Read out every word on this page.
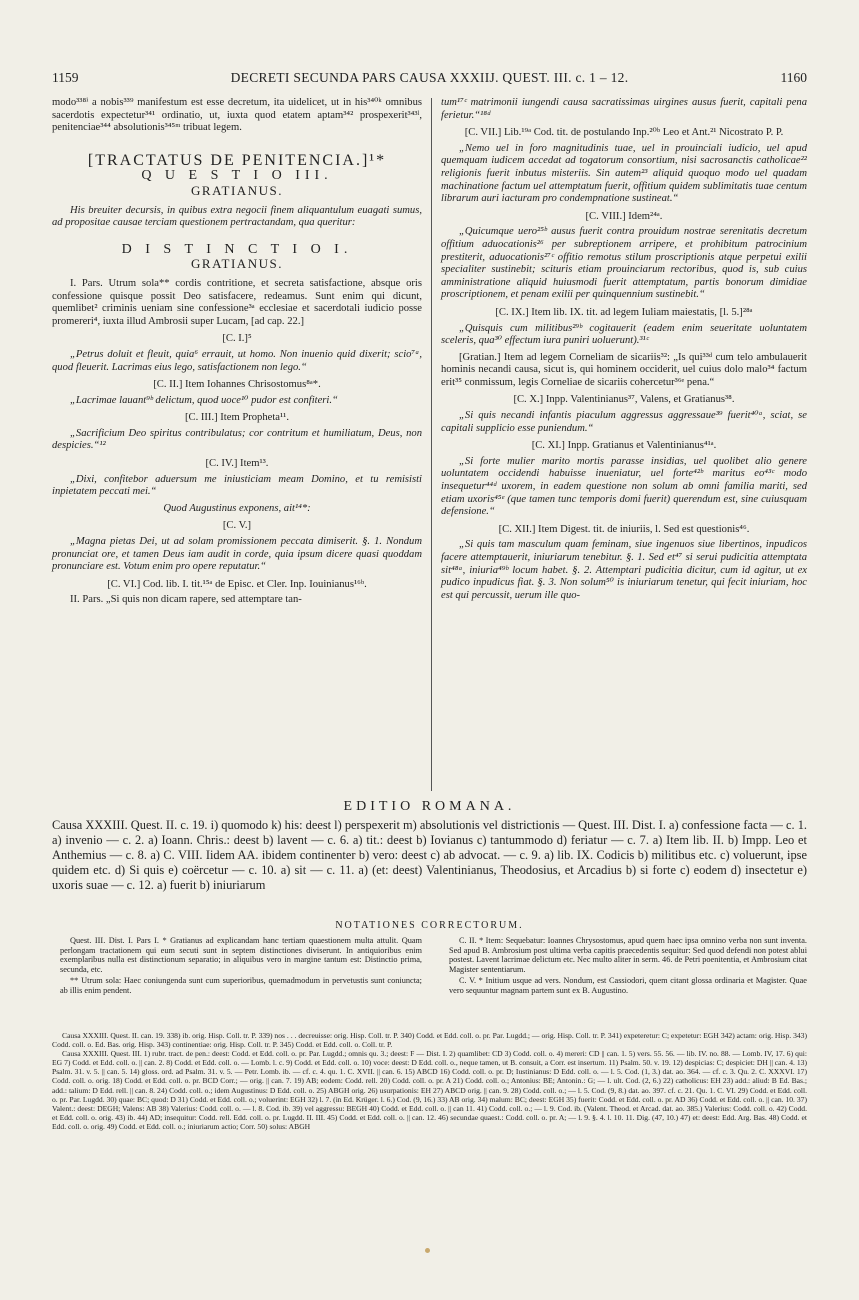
1159	DECRETI SECUNDA PARS CAUSA XXXIIJ. QUEST. III. c. 1 – 12.	1160

modo³³⁸ⁱ a nobis³³⁹ manifestum est esse decretum, ita uidelicet, ut in his³⁴⁰ᵏ omnibus sacerdotis expectetur³⁴¹ ordinatio, ut, iuxta quod etatem aptam³⁴² prospexerit³⁴³ˡ, penitenciae³⁴⁴ absolutionis³⁴⁵ᵐ tribuat legem.

[TRACTATUS DE PENITENCIA.]¹*
Q U E S T I O III.
GRATIANUS.

His breuiter decursis, in quibus extra negocii finem aliquantulum euagati sumus, ad propositae causae terciam questionem pertractandam, qua queritur:

D I S T I N C T I O I.
GRATIANUS.

I. Pars. Utrum sola** cordis contritione, et secreta satisfactione, absque oris confessione quisque possit Deo satisfacere, redeamus. Sunt enim qui dicunt, quemlibet² criminis ueniam sine confessione³ᵃ ecclesiae et sacerdotali iudicio posse promereri⁴, iuxta illud Ambrosii super Lucam, [ad cap. 22.]

[C. I.]⁵

„Petrus doluit et fleuit, quia⁶ errauit, ut homo. Non inuenio quid dixerit; scio⁷ᵃ, quod fleuerit. Lacrimas eius lego, satisfactionem non lego.“

[C. II.] Item Iohannes Chrisostomus⁸ᵃ*.

„Lacrimae lauant⁹ᵇ delictum, quod uoce¹⁰ pudor est confiteri.“

[C. III.] Item Propheta¹¹.

„Sacrificium Deo spiritus contribulatus; cor contritum et humiliatum, Deus, non despicies.“¹²

[C. IV.] Item¹³.

„Dixi, confitebor aduersum me iniusticiam meam Domino, et tu remisisti inpietatem peccati mei.“

Quod Augustinus exponens, ait¹⁴*:

[C. V.]

„Magna pietas Dei, ut ad solam promissionem peccata dimiserit. §. 1. Nondum pronunciat ore, et tamen Deus iam audit in corde, quia ipsum dicere quasi quoddam pronunciare est. Votum enim pro opere reputatur.“

[C. VI.] Cod. lib. I. tit.¹⁵ᵃ de Episc. et Cler. Inp. Iouinianus¹⁶ᵇ.

II. Pars. „Si quis non dicam rapere, sed attemptare tan-

tum¹⁷ᶜ matrimonii iungendi causa sacratissimas uirgines ausus fuerit, capitali pena ferietur.“¹⁸ᵈ

[C. VII.] Lib.¹⁹ᵃ Cod. tit. de postulando Inp.²⁰ᵇ Leo et Ant.²¹ Nicostrato P. P.

„Nemo uel in foro magnitudinis tuae, uel in prouinciali iudicio, uel apud quemquam iudicem accedat ad togatorum consortium, nisi sacrosanctis catholicae²² religionis fuerit inbutus misteriis. Sin autem²³ aliquid quoquo modo uel quadam machinatione factum uel attemptatum fuerit, offitium quidem sublimitatis tuae centum librarum auri iacturam pro condempnatione sustineat.“

[C. VIII.] Idem²⁴ᵃ.

„Quicumque uero²⁵ᵇ ausus fuerit contra prouidum nostrae serenitatis decretum offitium aduocationis²⁶ per subreptionem arripere, et prohibitum patrocinium prestiterit, aduocationis²⁷ᶜ offitio remotus stilum proscriptionis atque perpetui exilii specialiter sustinebit; scituris etiam prouinciarum rectoribus, quod is, sub cuius amministratione aliquid huiusmodi fuerit attemptatum, partis bonorum dimidiae proscriptionem, et penam exilii per quinquennium sustinebit.“

[C. IX.] Item lib. IX. tit. ad legem Iuliam maiestatis, [l. 5.]²⁸ᵃ

„Quisquis cum militibus²⁹ᵇ cogitauerit (eadem enim seueritate uoluntatem sceleris, qua³⁰ effectum iura puniri uoluerunt).³¹ᶜ

[Gratian.] Item ad legem Corneliam de sicariis³²: „Is qui³³ᵈ cum telo ambulauerit hominis necandi causa, sicut is, qui hominem occiderit, uel cuius dolo malo³⁴ factum erit³⁵ conmissum, legis Corneliae de sicariis cohercetur³⁶ᵉ pena.“

[C. X.] Inpp. Valentinianus³⁷, Valens, et Gratianus³⁸.

„Si quis necandi infantis piaculum aggressus aggressaue³⁹ fuerit⁴⁰ᵃ, sciat, se capitali supplicio esse puniendum.“

[C. XI.] Inpp. Gratianus et Valentinianus⁴¹ᵃ.

„Si forte mulier marito mortis parasse insidias, uel quolibet alio genere uoluntatem occidendi habuisse inueniatur, uel forte⁴²ᵇ maritus eo⁴³ᶜ modo insequetur⁴⁴ᵈ uxorem, in eadem questione non solum ab omni familia mariti, sed etiam uxoris⁴⁵ᵉ (que tamen tunc temporis domi fuerit) querendum est, sine cuiusquam defensione.“

[C. XII.] Item Digest. tit. de iniuriis, l. Sed est questionis⁴⁶.

„Si quis tam masculum quam feminam, siue ingenuos siue libertinos, inpudicos facere attemptauerit, iniuriarum tenebitur. §. 1. Sed et⁴⁷ si serui pudicitia attemptata sit⁴⁸ᵃ, iniuria⁴⁹ᵇ locum habet. §. 2. Attemptari pudicitia dicitur, cum id agitur, ut ex pudico inpudicus fiat. §. 3. Non solum⁵⁰ is iniuriarum tenetur, qui fecit iniuriam, hoc est qui percussit, uerum ille quo-

EDITIO ROMANA.
Causa XXXIII. Quest. II. c. 19. i) quomodo k) his: deest l) perspexerit m) absolutionis vel districtionis — Quest. III. Dist. I. a) confessione facta — c. 1. a) invenio — c. 2. a) Ioann. Chris.: deest b) lavent — c. 6. a) tit.: deest b) Iovianus c) tantummodo d) feriatur — c. 7. a) Item lib. II. b) Impp. Leo et Anthemius — c. 8. a) C. VIII. Iidem AA. ibidem continenter b) vero: deest c) ab advocat. — c. 9. a) lib. IX. Codicis b) militibus etc. c) voluerunt, ipse quidem etc. d) Si quis e) coërcetur — c. 10. a) sit — c. 11. a) (et: deest) Valentinianus, Theodosius, et Arcadius b) si forte c) eodem d) insectetur e) uxoris suae — c. 12. a) fuerit b) iniuriarum
NOTATIONES CORRECTORUM.

Quest. III. Dist. I. Pars I. * Gratianus ad explicandam hanc tertiam quaestionem multa attulit. Quam perlongam tractationem qui eum secuti sunt in septem distinctiones diviserunt. In antiquioribus enim exemplaribus nulla est distinctionum separatio; in aliquibus vero in margine tantum est: Distinctio prima, secunda, etc.

** Utrum sola: Haec coniungenda sunt cum superioribus, quemadmodum in pervetustis sunt coniuncta; ab illis enim pendent.

C. II. * Item: Sequebatur: Ioannes Chrysostomus, apud quem haec ipsa omnino verba non sunt inventa. Sed apud B. Ambrosium post ultima verba capitis praecedentis sequitur: Sed quod defendi non potest ablui postest. Lavent lacrimae delictum etc. Nec multo aliter in serm. 46. de Petri poenitentia, et Ambrosium citat Magister sententiarum.

C. V. * Initium usque ad vers. Nondum, est Cassiodori, quem citant glossa ordinaria et Magister. Quae vero sequuntur magnam partem sunt ex B. Augustino.

Causa XXXIII. Quest. II. can. 19. 338) ib. orig. Hisp. Coll. tr. P. 339) nos . . . decreuisse: orig. Hisp. Coll. tr. P. 340) Codd. et Edd. coll. o. pr. Par. Lugdd.; — orig. Hisp. Coll. tr. P. 341) expeteretur: C; expetetur: EGH 342) actam: orig. Hisp. 343) Codd. coll. o. Ed. Bas. orig. Hisp. 343) continentiae: orig. Hisp. Coll. tr. P. 345) Codd. et Edd. coll. o. Coll. tr. P.

Causa XXXIII. Quest. III. 1) rubr. tract. de pen.: deest: Codd. et Edd. coll. o. pr. Par. Lugdd.; omnis qu. 3.; deest: F — Dist. I. 2) quamlibet: CD 3) Codd. coll. o. 4) mereri: CD || can. 1. 5) vers. 55. 56. — lib. IV. no. 88. — Lomb. IV, 17. 6) qui: EG 7) Codd. et Edd. coll. o. || can. 2. 8) Codd. et Edd. coll. o. — Lomb. l. c. 9) Codd. et Edd. coll. o. 10) voce: deest: D Edd. coll. o., neque tamen, ut B. consuit, a Corr. est insertum. 11) Psalm. 50. v. 19. 12) despicias: C; despiciet: DH || can. 4. 13) Psalm. 31. v. 5. || can. 5. 14) gloss. ord. ad Psalm. 31. v. 5. — Petr. Lomb. ib. — cf. c. 4. qu. 1. C. XVII. || can. 6. 15) ABCD 16) Codd. coll. o. pr. D; Iustinianus: D Edd. coll. o. — l. 5. Cod. (1, 3.) dat. ao. 364. — cf. c. 3. Qu. 2. C. XXXVI. 17) Codd. coll. o. orig. 18) Codd. et Edd. coll. o. pr. BCD Corr.; — orig. || can. 7. 19) AB; eodem: Codd. rell. 20) Codd. coll. o. pr. A 21) Codd. coll. o.; Antonius: BE; Antonin.: G; — l. ult. Cod. (2, 6.) 22) catholicus: EH 23) add.: aliud: B Ed. Bas.; add.: talium: D Edd. rell. || can. 8. 24) Codd. coll. o.; idem Augustinus: D Edd. coll. o. 25) ABGH orig. 26) usurpationis: EH 27) ABCD orig. || can. 9. 28) Codd. coll. o.; — l. 5. Cod. (9, 8.) dat. ao. 397. cf. c. 21. Qu. 1. C. VI. 29) Codd. et Edd. coll. o. pr. Par. Lugdd. 30) quae: BC; quod: D 31) Codd. et Edd. coll. o.; voluerint: EGH 32) l. 7. (in Ed. Krüger. l. 6.) Cod. (9, 16.) 33) AB orig. 34) malum: BC; deest: EGH 35) fuerit: Codd. et Edd. coll. o. pr. AD 36) Codd. et Edd. coll. o. || can. 10. 37) Valent.: deest: DEGH; Valens: AB 38) Valerius: Codd. coll. o. — l. 8. Cod. ib. 39) vel aggressu: BEGH 40) Codd. et Edd. coll. o. || can 11. 41) Codd. coll. o.; — l. 9. Cod. ib. (Valent. Theod. et Arcad. dat. ao. 385.) Valerius: Codd. coll. o. 42) Codd. et Edd. coll. o. orig. 43) ib. 44) AD; insequitur: Codd. rell. Edd. coll. o. pr. Lugdd. II. III. 45) Codd. et Edd. coll. o. || can. 12. 46) secundae quaest.: Codd. coll. o. pr. A; — l. 9. §. 4. l. 10. 11. Dig. (47, 10.) 47) et: deest: Edd. Arg. Bas. 48) Codd. et Edd. coll. o. orig. 49) Codd. et Edd. coll. o.; iniuriarum actio; Corr. 50) solus: ABGH
